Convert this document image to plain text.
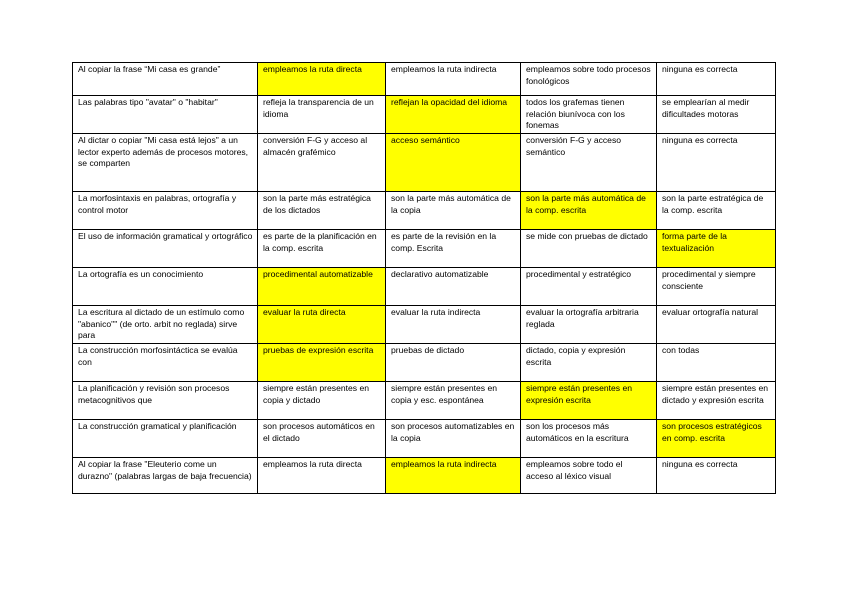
Al copiar la frase “Mi casa es grande”	empleamos la ruta directa	empleamos la ruta indirecta	empleamos sobre todo procesos fonológicos	ninguna es correcta
Las palabras tipo "avatar" o "habitar"	refleja la transparencia de un idioma	reflejan la opacidad del idioma	todos los grafemas tienen relación biunívoca con los fonemas	se emplearían al medir dificultades motoras
Al dictar o copiar "Mi casa está lejos" a un lector experto además de procesos motores, se comparten	conversión F-G y acceso al almacén grafémico	acceso semántico	conversión F-G y acceso semántico	ninguna es correcta
La morfosintaxis en palabras, ortografía y control motor	son la parte más estratégica de los dictados	son la parte más automática de la copia	son la parte más automática de la comp. escrita	son la parte estratégica de la comp. escrita
El uso de información gramatical y ortográfico	es parte de la planificación en la comp. escrita	es parte de la revisión en la comp. Escrita	se mide con pruebas de dictado	forma parte de la textualización
La ortografía es un conocimiento	procedimental automatizable	declarativo automatizable	procedimental y estratégico	procedimental y siempre consciente
La escritura al dictado de un estímulo como "abanico"" (de orto. arbit no reglada) sirve para	evaluar la ruta directa	evaluar la ruta indirecta	evaluar la ortografía arbitraria reglada	evaluar ortografía natural
La construcción morfosintáctica se evalúa con	pruebas de expresión escrita	pruebas de dictado	dictado, copia y expresión escrita	con todas
La planificación y revisión son procesos metacognitivos que	siempre están presentes en copia y dictado	siempre están presentes en copia y esc. espontánea	siempre están presentes en expresión escrita	siempre están presentes en dictado y expresión escrita
La construcción gramatical y planificación	son procesos automáticos en el dictado	son procesos automatizables en la copia	son los procesos más automáticos en la escritura	son procesos estratégicos en comp. escrita
Al copiar la frase "Eleuterio come un durazno" (palabras largas de baja frecuencia)	empleamos la ruta directa	empleamos la ruta indirecta	empleamos sobre todo el acceso al léxico visual	ninguna es correcta
